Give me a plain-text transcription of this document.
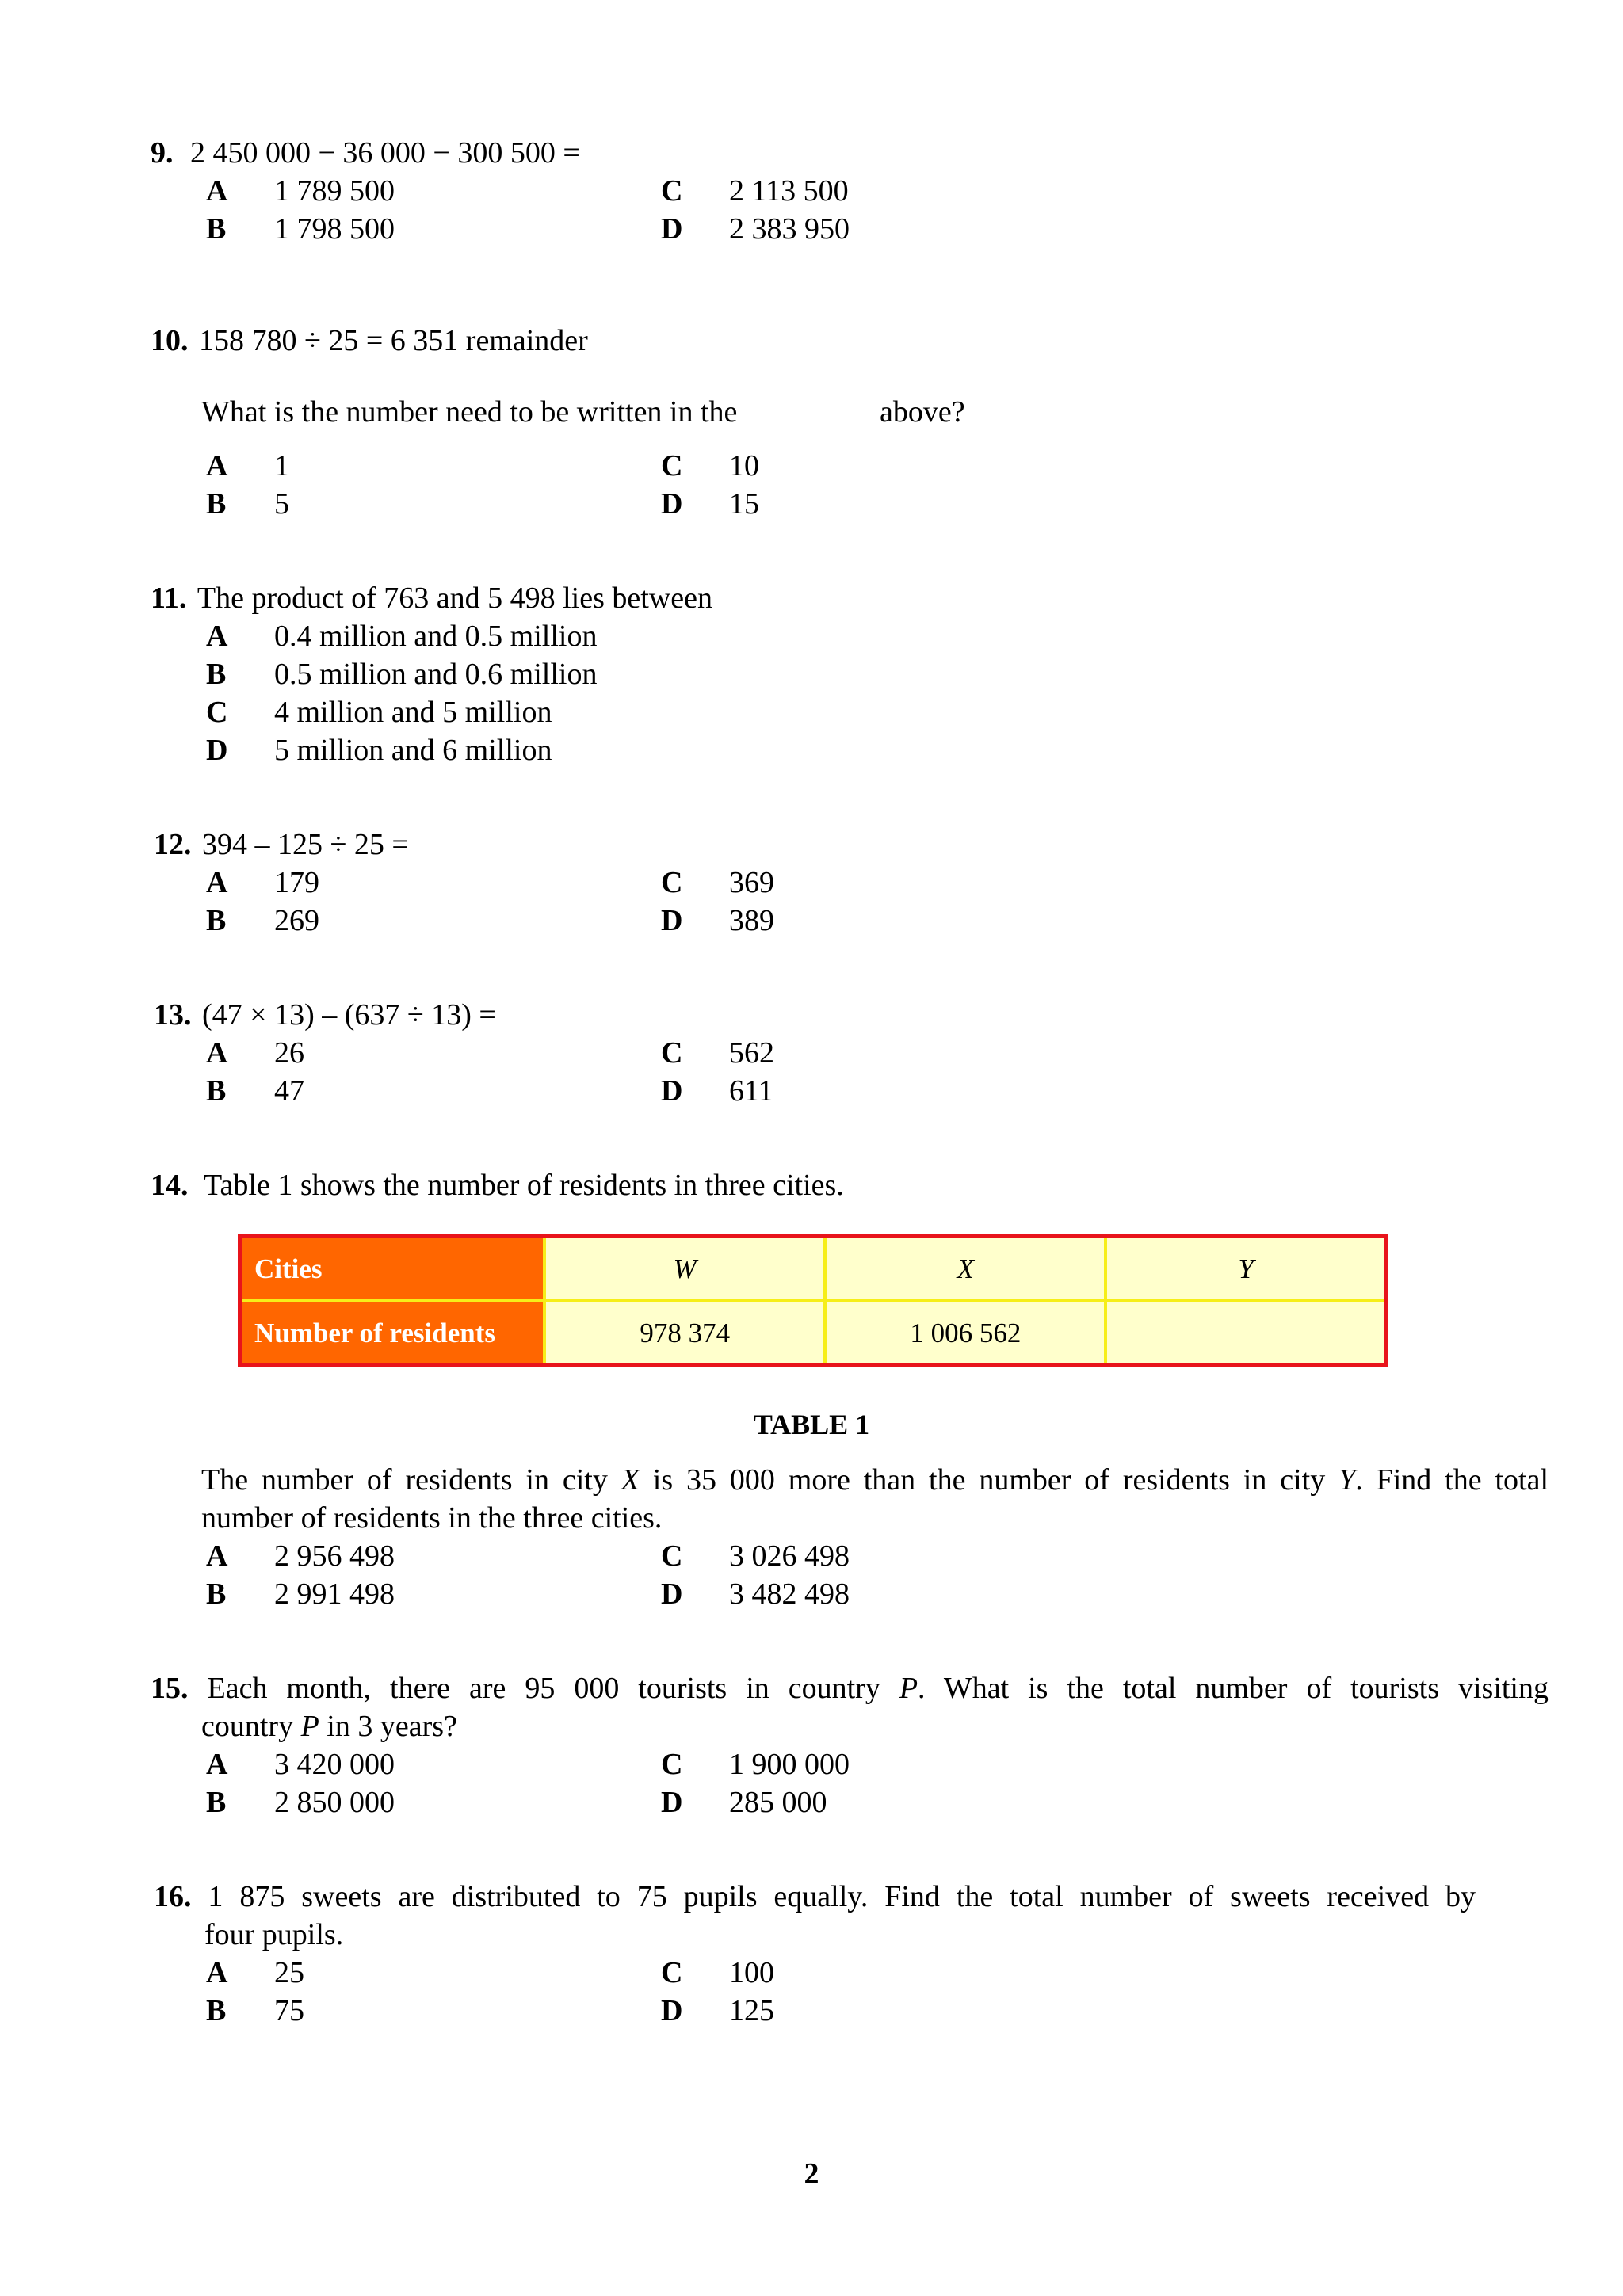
9. 2 450 000 − 36 000 − 300 500 =
A 1 789 500
B 1 798 500
C 2 113 500
D 2 383 950
10. 158 780 ÷ 25 = 6 351 remainder
What is the number need to be written in the	above?
A 1
B 5
C 10
D 15
11. The product of 763 and 5 498 lies between
A 0.4 million and 0.5 million
B 0.5 million and 0.6 million
C 4 million and 5 million
D 5 million and 6 million
12. 394 – 125 ÷ 25 =
A 179
B 269
C 369
D 389
13. (47 × 13) – (637 ÷ 13) =
A 26
B 47
C 562
D 611
14. Table 1 shows the number of residents in three cities.
Cities	W	X	Y
Number of residents	978 374	1 006 562	
TABLE 1
The number of residents in city X is 35 000 more than the number of residents in city Y. Find the total
number of residents in the three cities.
A 2 956 498
B 2 991 498
C 3 026 498
D 3 482 498
15. Each month, there are 95 000 tourists in country P. What is the total number of tourists visiting
country P in 3 years?
A 3 420 000
B 2 850 000
C 1 900 000
D 285 000
16. 1 875 sweets are distributed to 75 pupils equally. Find the total number of sweets received by
four pupils.
A 25
B 75
C 100
D 125
2
